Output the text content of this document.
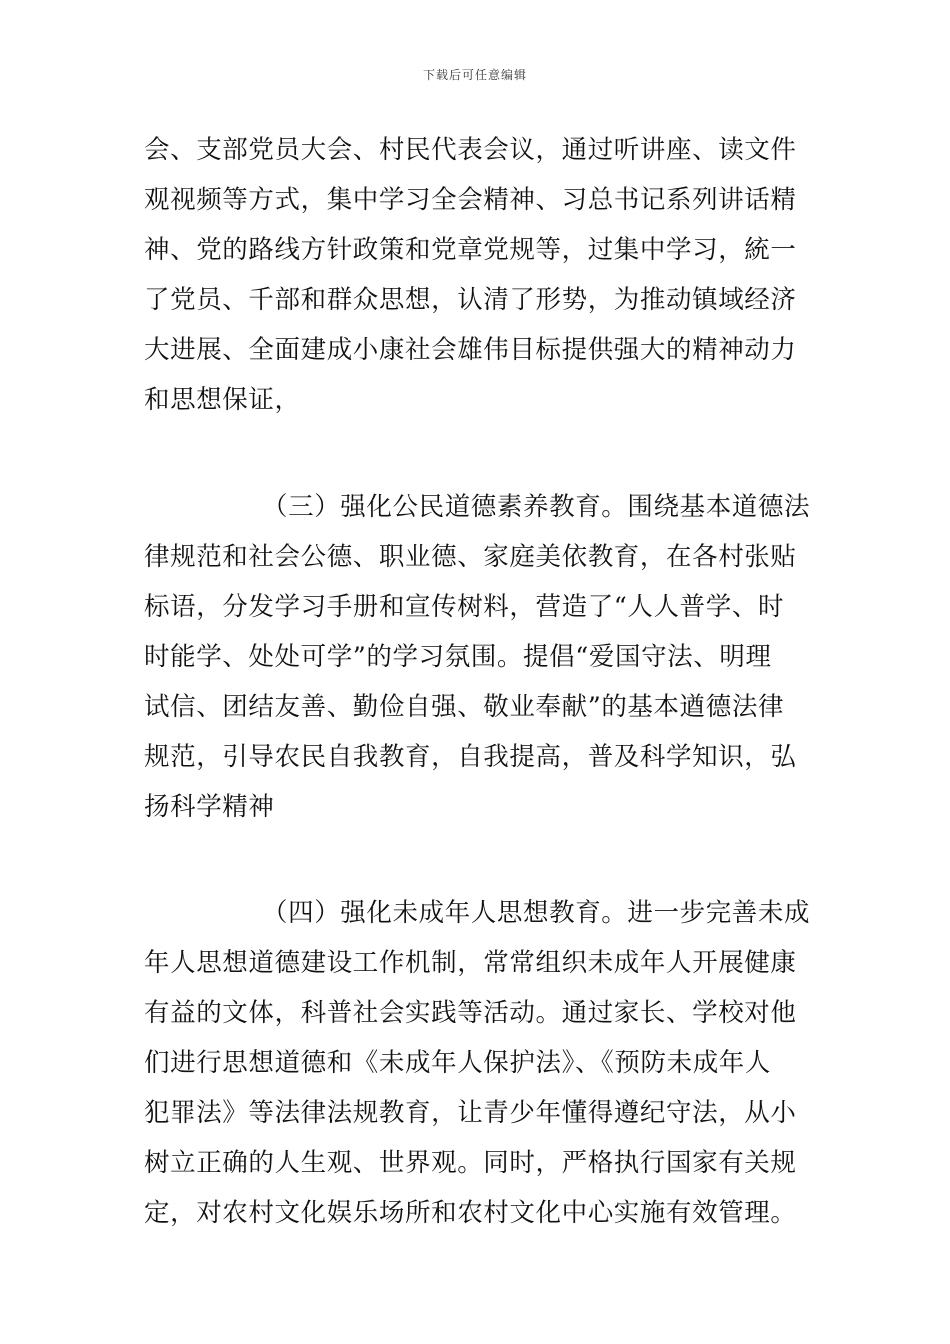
下载后可任意编辑
会、支部党员大会、村民代表会议，通过听讲座、读文件
观视频等方式，集中学习全会精神、习总书记系列讲话精
神、党的路线方针政策和党章党规等，过集中学习，統一
了党员、千部和群众思想，认清了形势，为推动镇域经济
大进展、全面建成小康社会雄伟目标提供强大的精神动力
和思想保证，
（三）强化公民道德素养教育。围绕基本道德法
律规范和社会公德、职业德、家庭美依教育，在各村张贴
标语，分发学习手册和宣传树料，营造了“人人普学、时
时能学、处处可学”的学习氛围。提倡“爱国守法、明理
试信、团结友善、勤俭自强、敬业奉献”的基本遒德法律
规范，引导农民自我教育，自我提高，普及科学知识，弘
扬科学精神
（四）强化未成年人思想教育。进一步完善未成
年人思想道德建设工作机制，常常组织未成年人开展健康
有益的文体，科普社会实践等活动。通过家长、学校对他
们进行思想道德和《未成年人保护法》、《预防未成年人
犯罪法》等法律法规教育，让青少年懂得遵纪守法，从小
树立正确的人生观、世界观。同时，严格执行国家有关规
定，对农村文化娱乐场所和农村文化中心实施有效管理。
